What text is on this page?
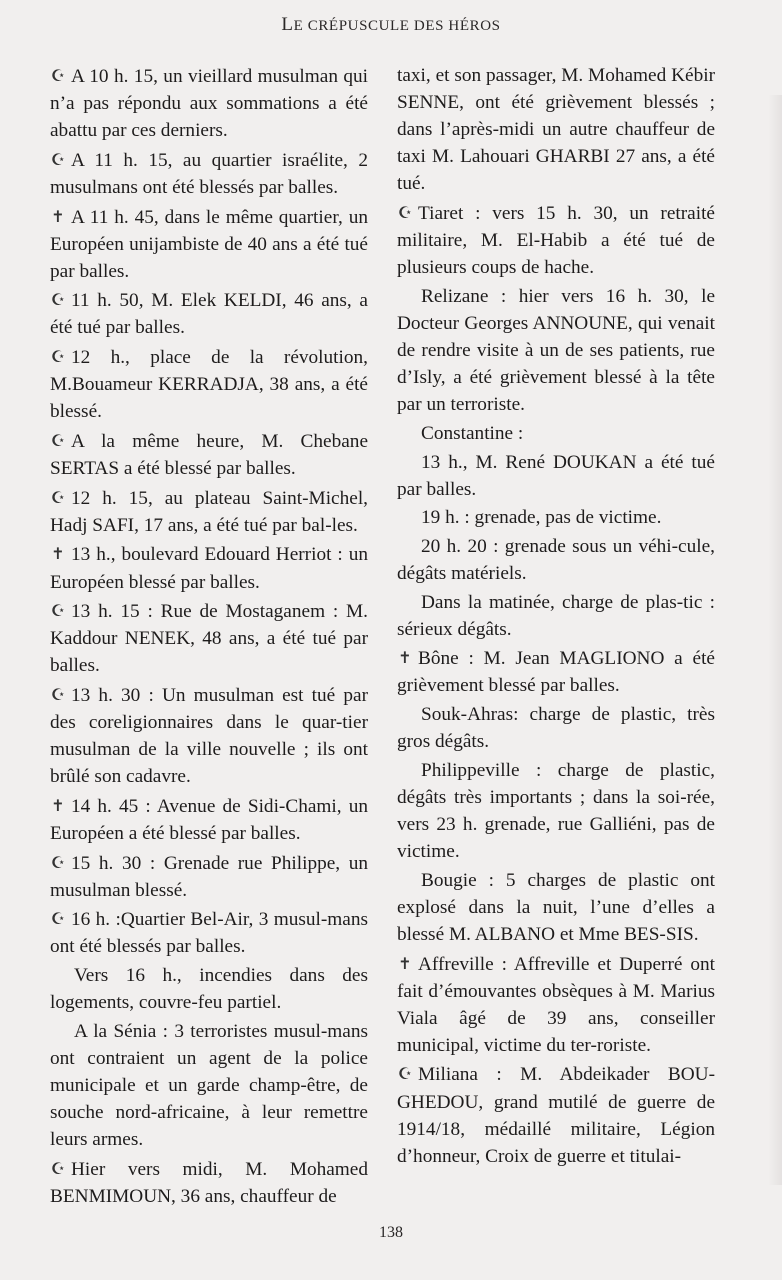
LE CRÉPUSCULE DES HÉROS

☪ A 10 h. 15, un vieillard musulman qui n’a pas répondu aux sommations a été abattu par ces derniers.

☪ A 11 h. 15, au quartier israélite, 2 musulmans ont été blessés par balles.

✝ A 11 h. 45, dans le même quartier, un Européen unijambiste de 40 ans a été tué par balles.

☪ 11 h. 50, M. Elek KELDI, 46 ans, a été tué par balles.

☪ 12 h., place de la révolution, M.Bouameur KERRADJA, 38 ans, a été blessé.

☪ A la même heure, M. Chebane SERTAS a été blessé par balles.

☪ 12 h. 15, au plateau Saint-Michel, Hadj SAFI, 17 ans, a été tué par bal-les.

✝ 13 h., boulevard Edouard Herriot : un Européen blessé par balles.

☪ 13 h. 15 : Rue de Mostaganem : M. Kaddour NENEK, 48 ans, a été tué par balles.

☪ 13 h. 30 : Un musulman est tué par des coreligionnaires dans le quar-tier musulman de la ville nouvelle ; ils ont brûlé son cadavre.

✝ 14 h. 45 : Avenue de Sidi-Chami, un Européen a été blessé par balles.

☪ 15 h. 30 : Grenade rue Philippe, un musulman blessé.

☪ 16 h. :Quartier Bel-Air, 3 musul-mans ont été blessés par balles.

Vers 16 h., incendies dans des logements, couvre-feu partiel.

A la Sénia : 3 terroristes musul-mans ont contraient un agent de la police municipale et un garde champ-être, de souche nord-africaine, à leur remettre leurs armes.

☪ Hier vers midi, M. Mohamed BENMIMOUN, 36 ans, chauffeur de

taxi, et son passager, M. Mohamed Kébir SENNE, ont été grièvement blessés ; dans l’après-midi un autre chauffeur de taxi M. Lahouari GHARBI 27 ans, a été tué.

☪ Tiaret : vers 15 h. 30, un retraité militaire, M. El-Habib a été tué de plusieurs coups de hache.

Relizane : hier vers 16 h. 30, le Docteur Georges ANNOUNE, qui venait de rendre visite à un de ses patients, rue d’Isly, a été grièvement blessé à la tête par un terroriste.

Constantine :

13 h., M. René DOUKAN a été tué par balles.

19 h. : grenade, pas de victime.

20 h. 20 : grenade sous un véhi-cule, dégâts matériels.

Dans la matinée, charge de plas-tic : sérieux dégâts.

✝ Bône : M. Jean MAGLIONO a été grièvement blessé par balles.

Souk-Ahras: charge de plastic, très gros dégâts.

Philippeville : charge de plastic, dégâts très importants ; dans la soi-rée, vers 23 h. grenade, rue Galliéni, pas de victime.

Bougie : 5 charges de plastic ont explosé dans la nuit, l’une d’elles a blessé M. ALBANO et Mme BES-SIS.

✝ Affreville : Affreville et Duperré ont fait d’émouvantes obsèques à M. Marius Viala âgé de 39 ans, conseiller municipal, victime du ter-roriste.

☪ Miliana : M. Abdeikader BOU-GHEDOU, grand mutilé de guerre de 1914/18, médaillé militaire, Légion d’honneur, Croix de guerre et titulai-

138
